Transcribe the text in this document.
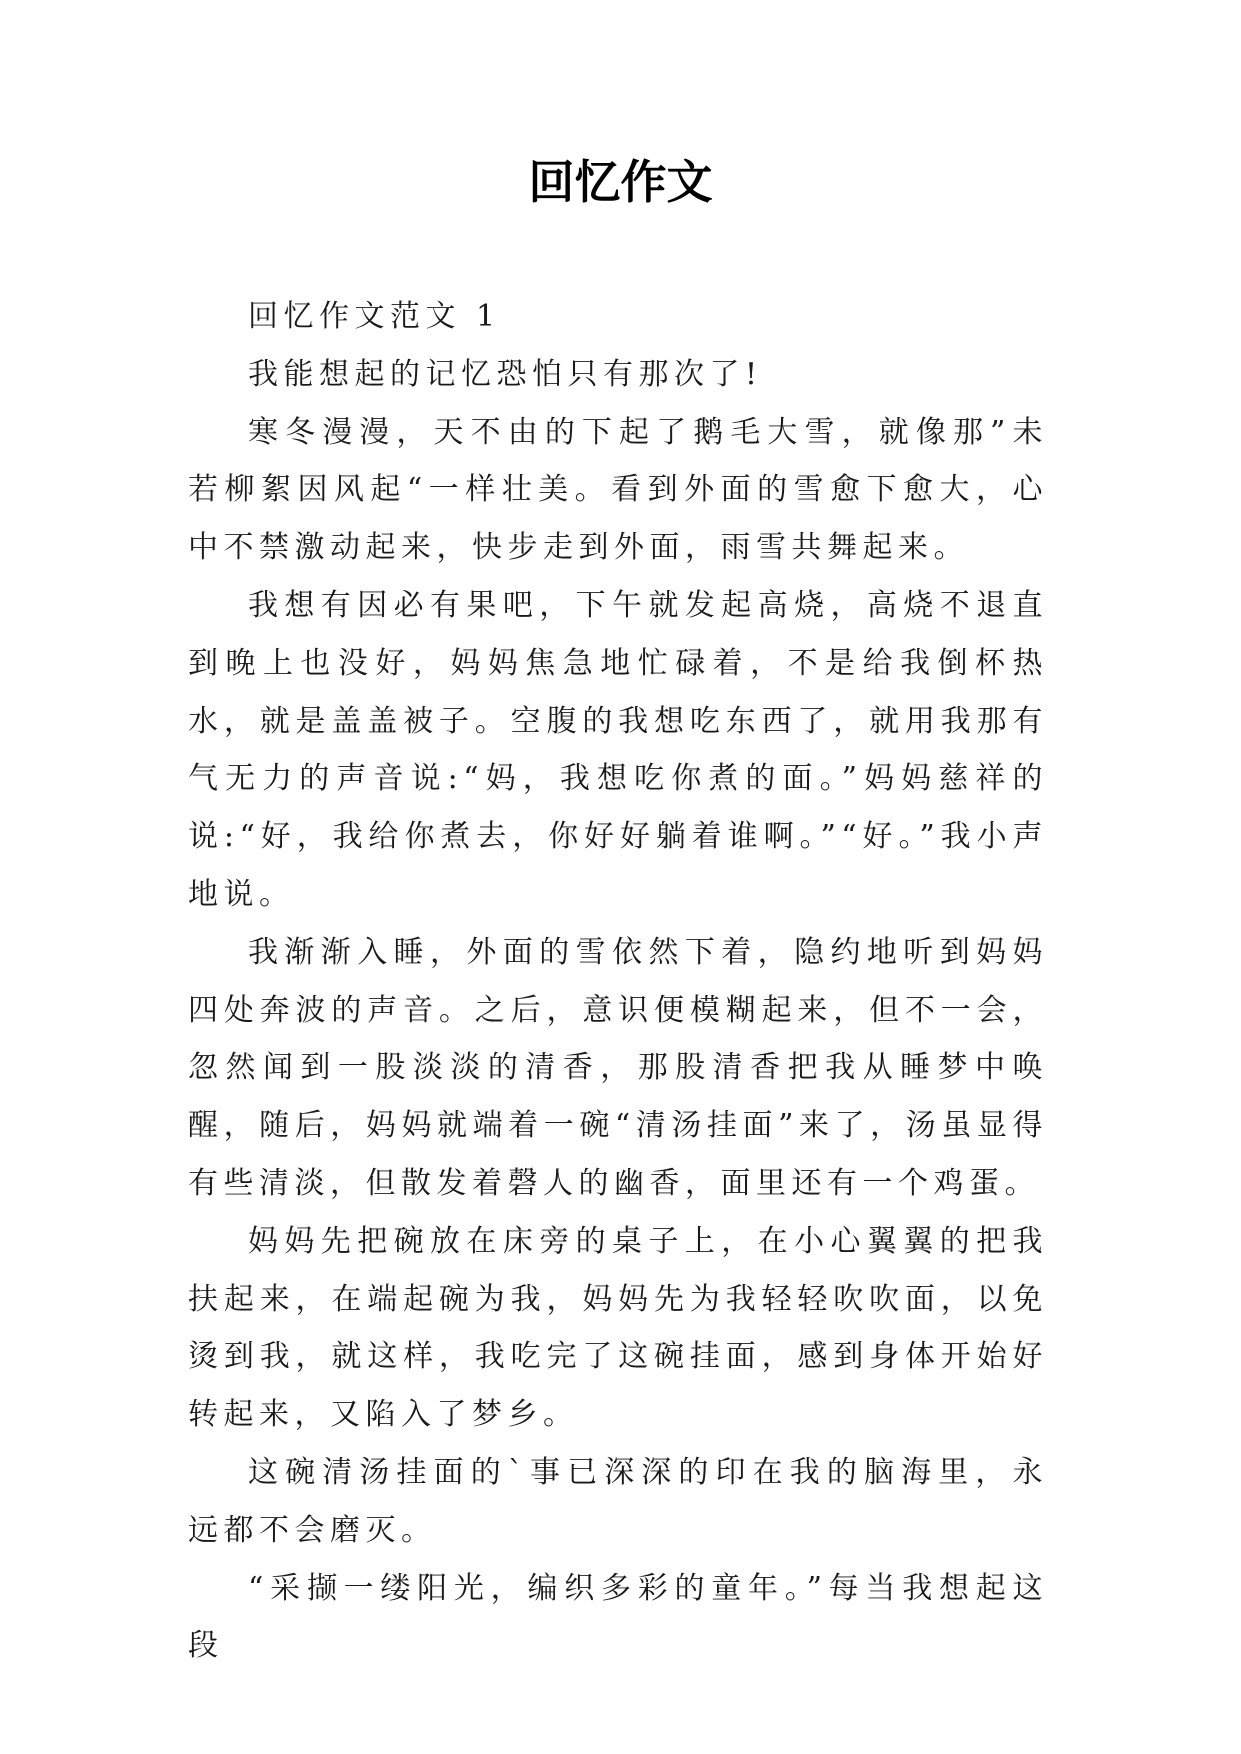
回忆作文

回忆作文范文 1

我能想起的记忆恐怕只有那次了!

寒冬漫漫，天不由的下起了鹅毛大雪，就像那”未若柳絮因风起“一样壮美。看到外面的雪愈下愈大，心中不禁激动起来，快步走到外面，雨雪共舞起来。

我想有因必有果吧，下午就发起高烧，高烧不退直到晚上也没好，妈妈焦急地忙碌着，不是给我倒杯热水，就是盖盖被子。空腹的我想吃东西了，就用我那有气无力的声音说:“妈，我想吃你煮的面。”妈妈慈祥的说:“好，我给你煮去，你好好躺着谁啊。”“好。”我小声地说。

我渐渐入睡，外面的雪依然下着，隐约地听到妈妈四处奔波的声音。之后，意识便模糊起来，但不一会，忽然闻到一股淡淡的清香，那股清香把我从睡梦中唤醒，随后，妈妈就端着一碗“清汤挂面”来了，汤虽显得有些清淡，但散发着磬人的幽香，面里还有一个鸡蛋。

妈妈先把碗放在床旁的桌子上，在小心翼翼的把我扶起来，在端起碗为我，妈妈先为我轻轻吹吹面，以免烫到我，就这样，我吃完了这碗挂面，感到身体开始好转起来，又陷入了梦乡。

这碗清汤挂面的`事已深深的印在我的脑海里，永远都不会磨灭。

“采撷一缕阳光，编织多彩的童年。”每当我想起这段
